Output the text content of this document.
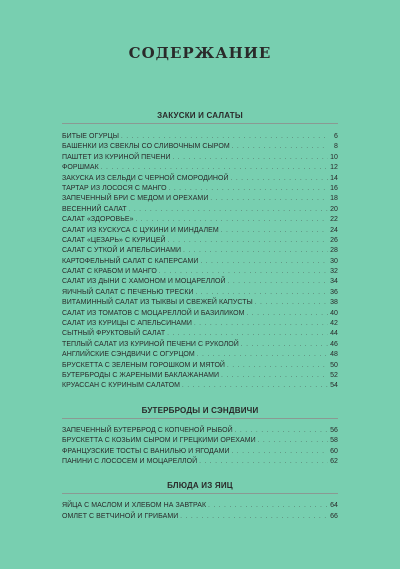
СОДЕРЖАНИЕ
ЗАКУСКИ И САЛАТЫ
БИТЫЕ ОГУРЦЫ . . .	6
БАШЕНКИ ИЗ СВЕКЛЫ СО СЛИВОЧНЫМ СЫРОМ . . .	8
ПАШТЕТ ИЗ КУРИНОЙ ПЕЧЕНИ . . .	10
ФОРШМАК . . .	12
ЗАКУСКА ИЗ СЕЛЬДИ С ЧЕРНОЙ СМОРОДИНОЙ . . .	14
ТАРТАР ИЗ ЛОСОСЯ С МАНГО . . .	16
ЗАПЕЧЕННЫЙ БРИ С МЕДОМ И ОРЕХАМИ . . .	18
ВЕСЕННИЙ САЛАТ . . .	20
САЛАТ «ЗДОРОВЬЕ» . . .	22
САЛАТ ИЗ КУСКУСА С ЦУКИНИ И МИНДАЛЕМ . . .	24
САЛАТ «ЦЕЗАРЬ» С КУРИЦЕЙ . . .	26
САЛАТ С УТКОЙ И АПЕЛЬСИНАМИ . . .	28
КАРТОФЕЛЬНЫЙ САЛАТ С КАПЕРСАМИ . . .	30
САЛАТ С КРАБОМ И МАНГО . . .	32
САЛАТ ИЗ ДЫНИ С ХАМОНОМ И МОЦАРЕЛЛОЙ . . .	34
ЯИЧНЫЙ САЛАТ С ПЕЧЕНЬЮ ТРЕСКИ . . .	36
ВИТАМИННЫЙ САЛАТ ИЗ ТЫКВЫ И СВЕЖЕЙ КАПУСТЫ . . .	38
САЛАТ ИЗ ТОМАТОВ С МОЦАРЕЛЛОЙ И БАЗИЛИКОМ . . .	40
САЛАТ ИЗ КУРИЦЫ С АПЕЛЬСИНАМИ . . .	42
СЫТНЫЙ ФРУКТОВЫЙ САЛАТ . . .	44
ТЕПЛЫЙ САЛАТ ИЗ КУРИНОЙ ПЕЧЕНИ С РУКОЛОЙ . . .	46
АНГЛИЙСКИЕ СЭНДВИЧИ С ОГУРЦОМ . . .	48
БРУСКЕТТА С ЗЕЛЕНЫМ ГОРОШКОМ И МЯТОЙ . . .	50
БУТЕРБРОДЫ С ЖАРЕНЫМИ БАКЛАЖАНАМИ . . .	52
КРУАССАН С КУРИНЫМ САЛАТОМ . . .	54
БУТЕРБРОДЫ И СЭНДВИЧИ
ЗАПЕЧЕННЫЙ БУТЕРБРОД С КОПЧЕНОЙ РЫБОЙ . . .	56
БРУСКЕТТА С КОЗЬИМ СЫРОМ И ГРЕЦКИМИ ОРЕХАМИ . . .	58
ФРАНЦУЗСКИЕ ТОСТЫ С ВАНИЛЬЮ И ЯГОДАМИ . . .	60
ПАНИНИ С ЛОСОСЕМ И МОЦАРЕЛЛОЙ . . .	62
БЛЮДА ИЗ ЯИЦ
ЯЙЦА С МАСЛОМ И ХЛЕБОМ НА ЗАВТРАК . . .	64
ОМЛЕТ С ВЕТЧИНОЙ И ГРИБАМИ . . .	66
